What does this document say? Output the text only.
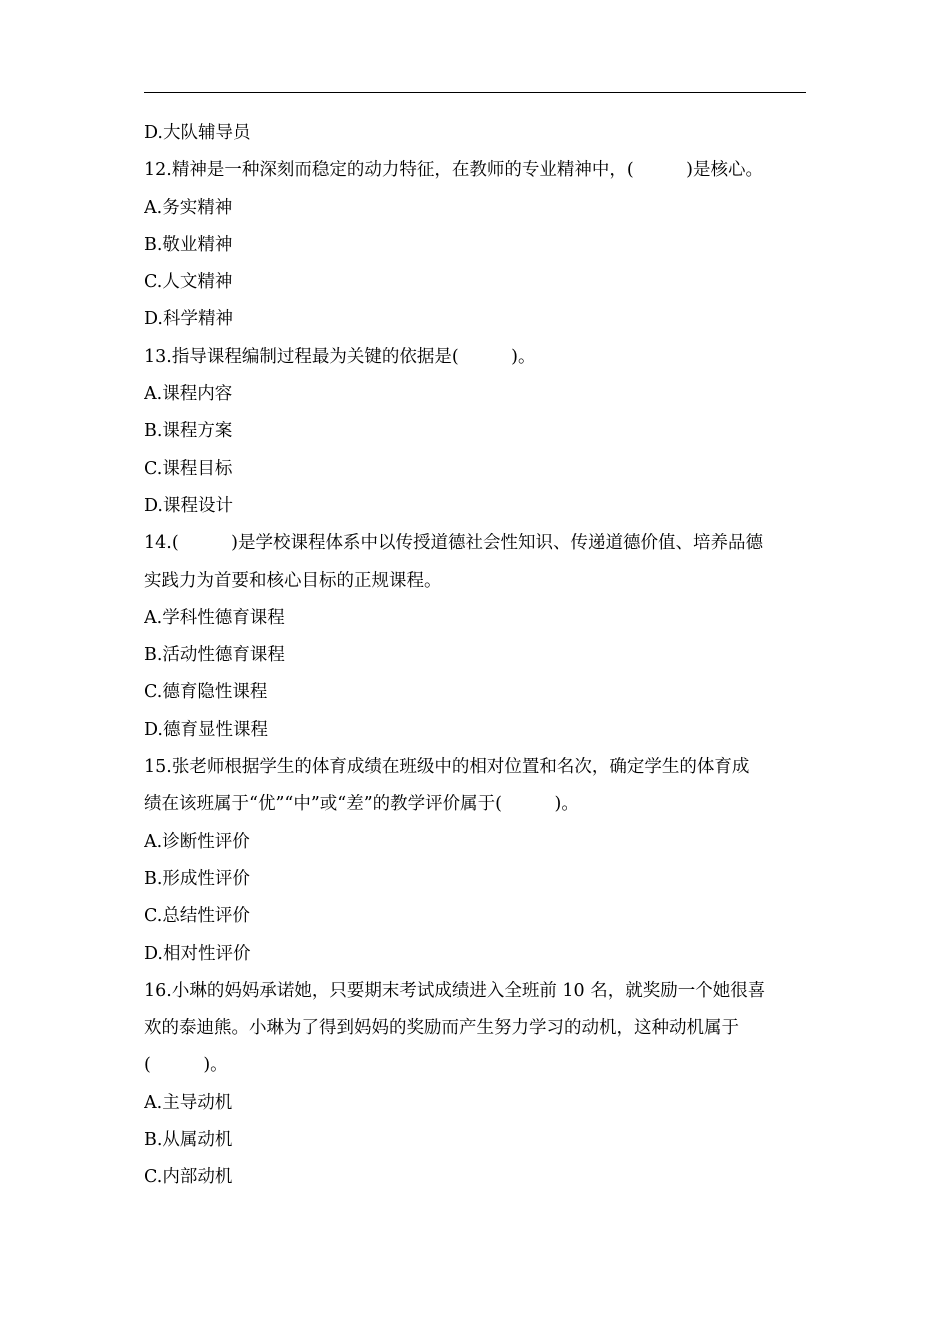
D.大队辅导员
12.精神是一种深刻而稳定的动力特征，在教师的专业精神中，(　　　)是核心。
A.务实精神
B.敬业精神
C.人文精神
D.科学精神
13.指导课程编制过程最为关键的依据是(　　　)。
A.课程内容
B.课程方案
C.课程目标
D.课程设计
14.(　　　)是学校课程体系中以传授道德社会性知识、传递道德价值、培养品德
实践力为首要和核心目标的正规课程。
A.学科性德育课程
B.活动性德育课程
C.德育隐性课程
D.德育显性课程
15.张老师根据学生的体育成绩在班级中的相对位置和名次，确定学生的体育成
绩在该班属于“优”“中”或“差”的教学评价属于(　　　)。
A.诊断性评价
B.形成性评价
C.总结性评价
D.相对性评价
16.小琳的妈妈承诺她，只要期末考试成绩进入全班前 10 名，就奖励一个她很喜
欢的泰迪熊。小琳为了得到妈妈的奖励而产生努力学习的动机，这种动机属于
(　　　)。
A.主导动机
B.从属动机
C.内部动机
